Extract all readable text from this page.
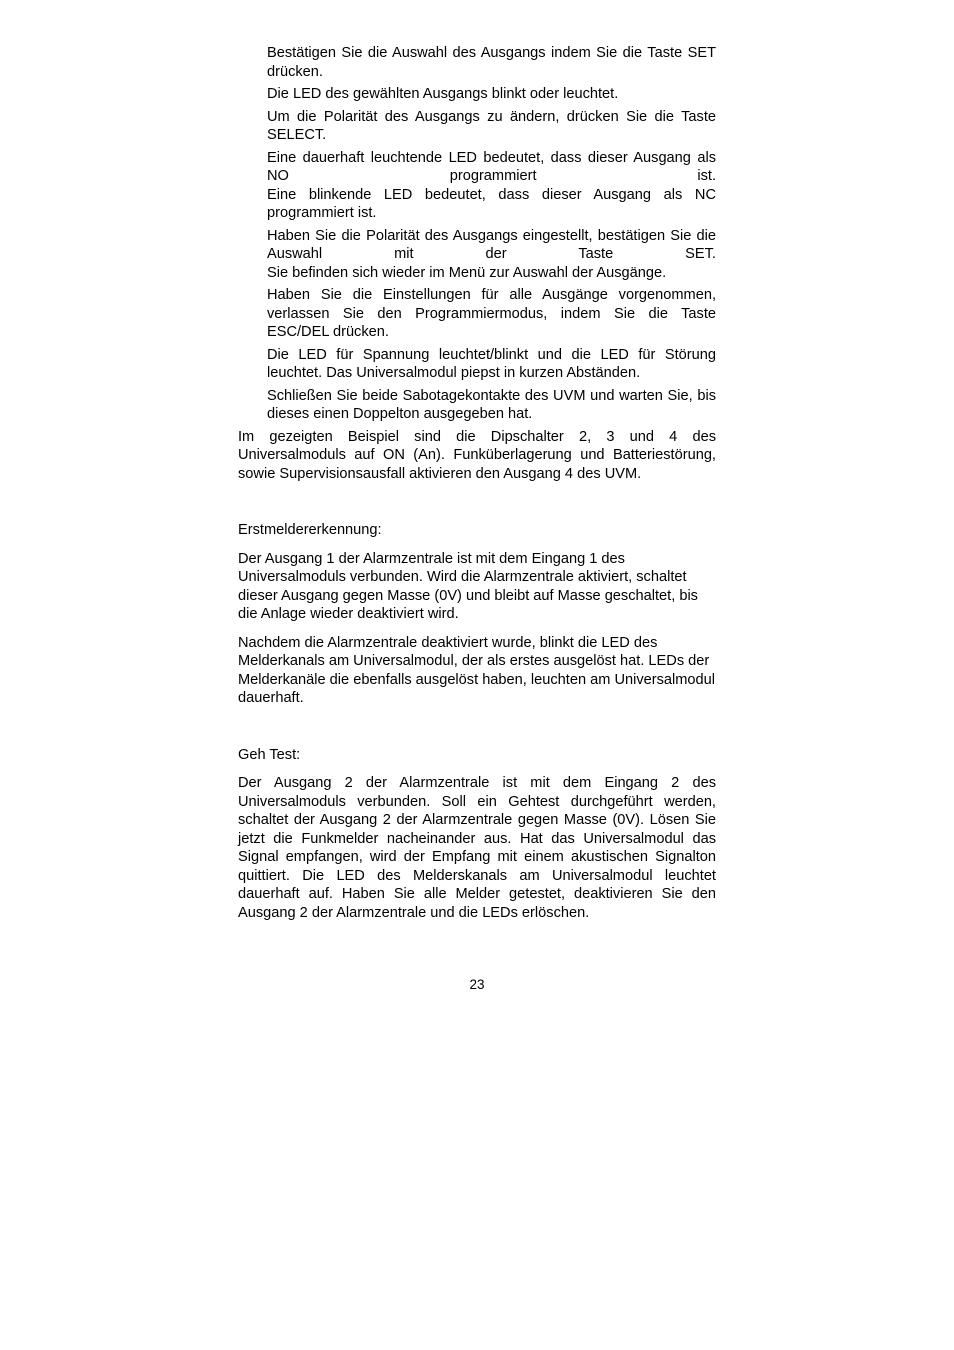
Bestätigen Sie die Auswahl des Ausgangs indem Sie die Taste SET drücken.

Die LED des gewählten Ausgangs blinkt oder leuchtet.

Um die Polarität des Ausgangs zu ändern, drücken Sie die Taste SELECT.

Eine dauerhaft leuchtende LED bedeutet, dass dieser Ausgang als NO programmiert ist.

Eine blinkende LED bedeutet, dass dieser Ausgang als NC programmiert ist.

Haben Sie die Polarität des Ausgangs eingestellt, bestätigen Sie die Auswahl mit der Taste SET.

Sie befinden sich wieder im Menü zur Auswahl der Ausgänge.

Haben Sie die Einstellungen für alle Ausgänge vorgenommen, verlassen Sie den Programmiermodus, indem Sie die Taste ESC/DEL drücken.

Die LED für Spannung leuchtet/blinkt und die LED für Störung leuchtet. Das Universalmodul piepst in kurzen Abständen.

Schließen Sie beide Sabotagekontakte des UVM und warten Sie, bis dieses einen Doppelton ausgegeben hat.

Im gezeigten Beispiel sind die Dipschalter 2, 3 und 4 des Universalmoduls auf ON (An). Funküberlagerung und Batteriestörung, sowie Supervisionsausfall aktivieren den Ausgang 4 des UVM.

Erstmeldererkennung:

Der Ausgang 1 der Alarmzentrale ist mit dem Eingang 1 des Universalmoduls verbunden. Wird die Alarmzentrale aktiviert, schaltet dieser Ausgang gegen Masse (0V) und bleibt auf Masse geschaltet, bis die Anlage wieder deaktiviert wird.

Nachdem die Alarmzentrale deaktiviert wurde, blinkt die LED des Melderkanals am Universalmodul, der als erstes ausgelöst hat. LEDs der Melderkanäle die ebenfalls ausgelöst haben, leuchten am Universalmodul dauerhaft.

Geh Test:

Der Ausgang 2 der Alarmzentrale ist mit dem Eingang 2 des Universalmoduls verbunden. Soll ein Gehtest durchgeführt werden, schaltet der Ausgang 2 der Alarmzentrale gegen Masse (0V). Lösen Sie jetzt die Funkmelder nacheinander aus. Hat das Universalmodul das Signal empfangen, wird der Empfang mit einem akustischen Signalton quittiert. Die LED des Melderskanals am Universalmodul leuchtet dauerhaft auf. Haben Sie alle Melder getestet, deaktivieren Sie den Ausgang 2 der Alarmzentrale und die LEDs erlöschen.

23
